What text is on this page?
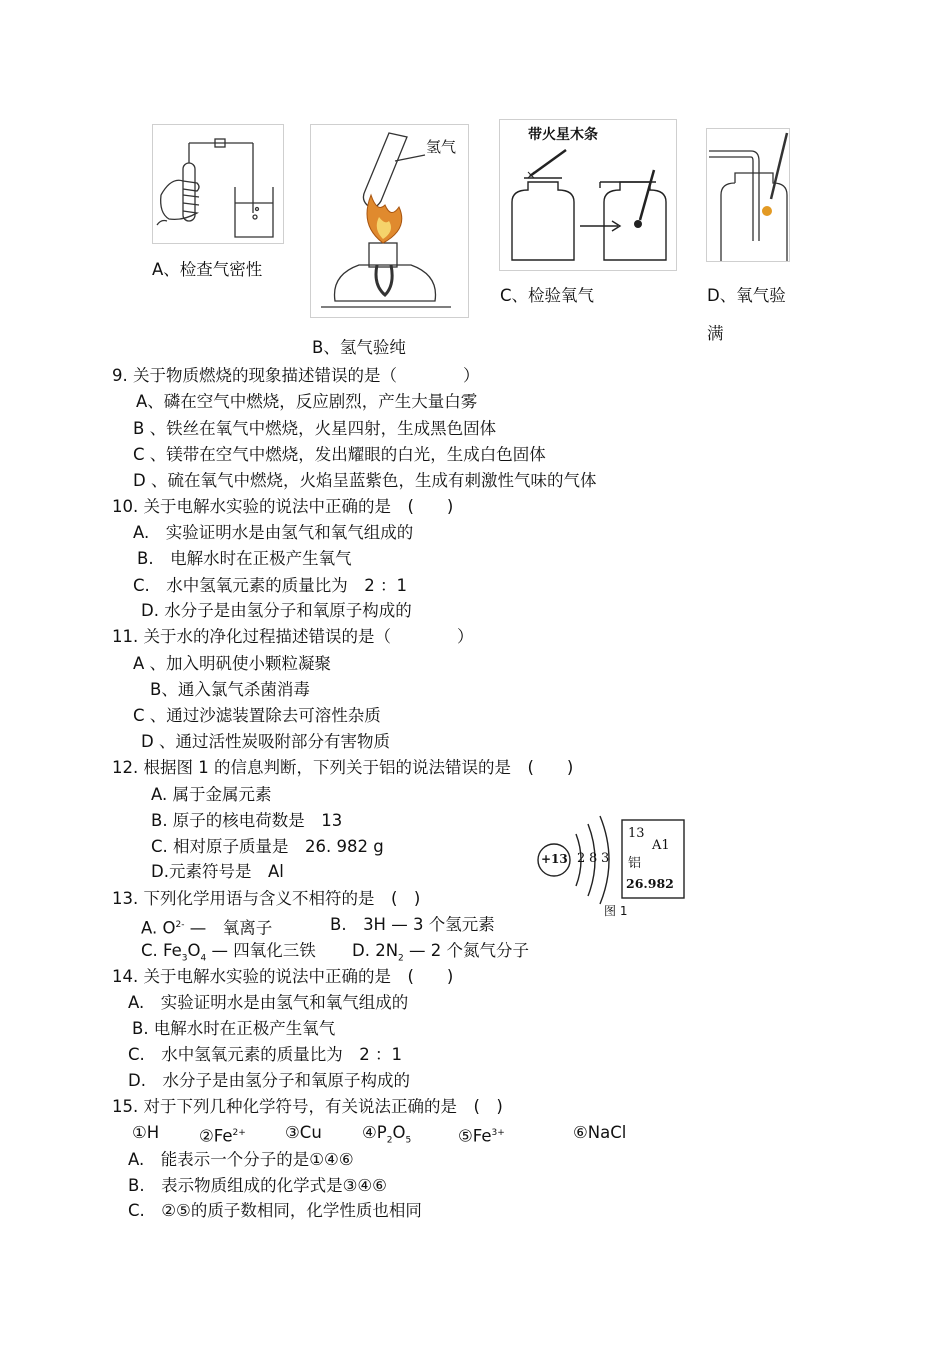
A、检查气密性
氢气
B、氢气验纯
带火星木条
C、检验氧气	D、氧气验
满
9. 关于物质燃烧的现象描述错误的是（　　　　）
A、磷在空气中燃烧，反应剧烈，产生大量白雾
B 、铁丝在氧气中燃烧，火星四射，生成黑色固体
C 、镁带在空气中燃烧，发出耀眼的白光，生成白色固体
D 、硫在氧气中燃烧，火焰呈蓝紫色，生成有刺激性气味的气体
10. 关于电解水实验的说法中正确的是　(　　)
A.　实验证明水是由氢气和氧气组成的
B.　电解水时在正极产生氧气
C.　水中氢氧元素的质量比为　2 ：1
D. 水分子是由氢分子和氧原子构成的
11. 关于水的净化过程描述错误的是（　　　　）
A 、加入明矾使小颗粒凝聚
B、通入氯气杀菌消毒
C 、通过沙滤装置除去可溶性杂质
D 、通过活性炭吸附部分有害物质
12. 根据图 1 的信息判断，下列关于铝的说法错误的是　(　　)
A. 属于金属元素
B. 原子的核电荷数是　13
C. 相对原子质量是　26. 982 g
D.元素符号是　Al
+13 2 8 3
13
A1
铝
26.982
图 1
13. 下列化学用语与含义不相符的是　(　)
A. $O^{2-}$ —　氧离子	B.　3H — 3 个氢元素
C. $Fe_3O_4$ — 四氧化三铁 D. $2N_2$ — 2 个氮气分子
14. 关于电解水实验的说法中正确的是　(　　)
A.　实验证明水是由氢气和氧气组成的
B. 电解水时在正极产生氧气
C.　水中氢氧元素的质量比为　2 ：1
D.　水分子是由氢分子和氧原子构成的
15. 对于下列几种化学符号，有关说法正确的是　(　)
①H $②Fe^{2+}$ ③Cu $④P_2O_5$	$⑤Fe^{3+}$	⑥NaCl
A.　能表示一个分子的是①④⑥
B.　表示物质组成的化学式是③④⑥
C.　②⑤的质子数相同，化学性质也相同
